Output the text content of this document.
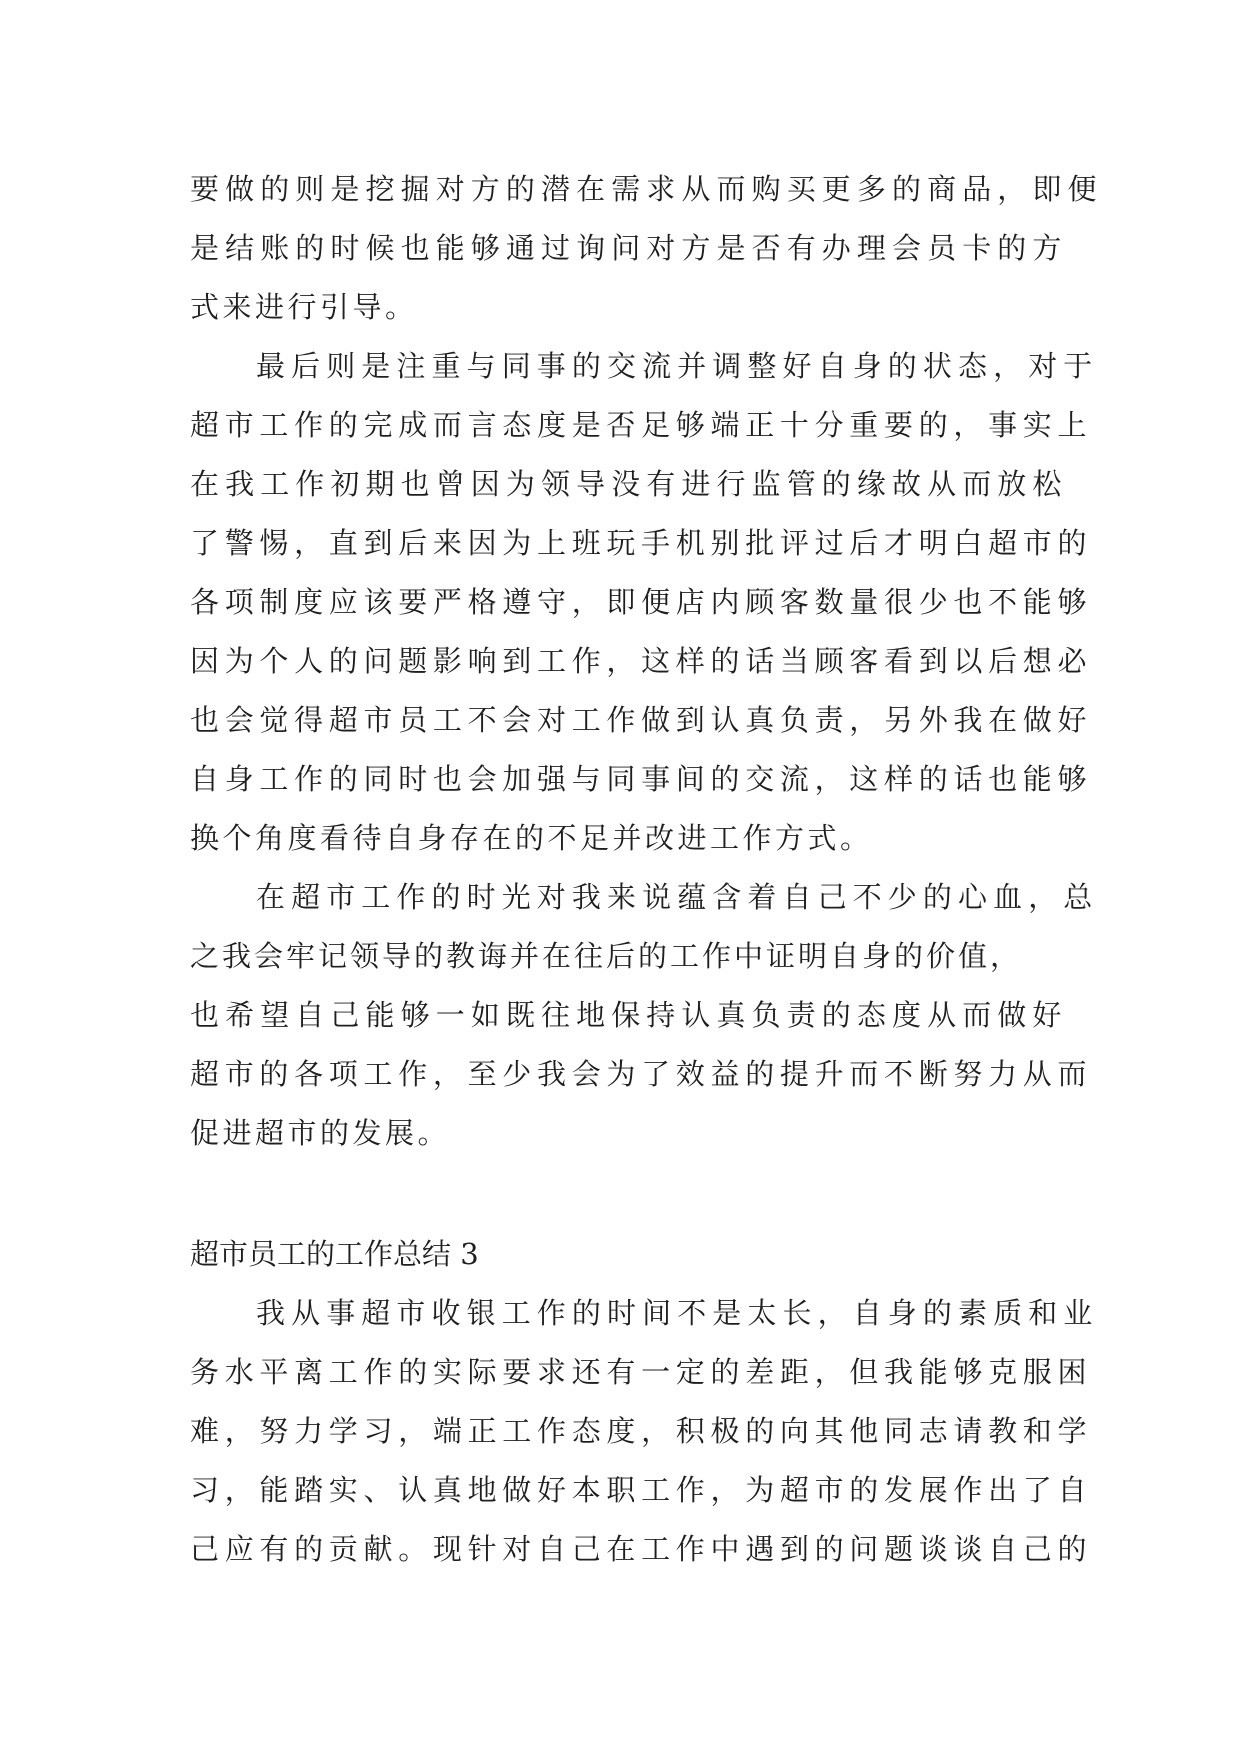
要做的则是挖掘对方的潜在需求从而购买更多的商品，即便
是结账的时候也能够通过询问对方是否有办理会员卡的方
式来进行引导。
最后则是注重与同事的交流并调整好自身的状态，对于
超市工作的完成而言态度是否足够端正十分重要的，事实上
在我工作初期也曾因为领导没有进行监管的缘故从而放松
了警惕，直到后来因为上班玩手机别批评过后才明白超市的
各项制度应该要严格遵守，即便店内顾客数量很少也不能够
因为个人的问题影响到工作，这样的话当顾客看到以后想必
也会觉得超市员工不会对工作做到认真负责，另外我在做好
自身工作的同时也会加强与同事间的交流，这样的话也能够
换个角度看待自身存在的不足并改进工作方式。
在超市工作的时光对我来说蕴含着自己不少的心血，总
之我会牢记领导的教诲并在往后的工作中证明自身的价值，
也希望自己能够一如既往地保持认真负责的态度从而做好
超市的各项工作，至少我会为了效益的提升而不断努力从而
促进超市的发展。
超市员工的工作总结 3
我从事超市收银工作的时间不是太长，自身的素质和业
务水平离工作的实际要求还有一定的差距，但我能够克服困
难，努力学习，端正工作态度，积极的向其他同志请教和学
习，能踏实、认真地做好本职工作，为超市的发展作出了自
己应有的贡献。现针对自己在工作中遇到的问题谈谈自己的
